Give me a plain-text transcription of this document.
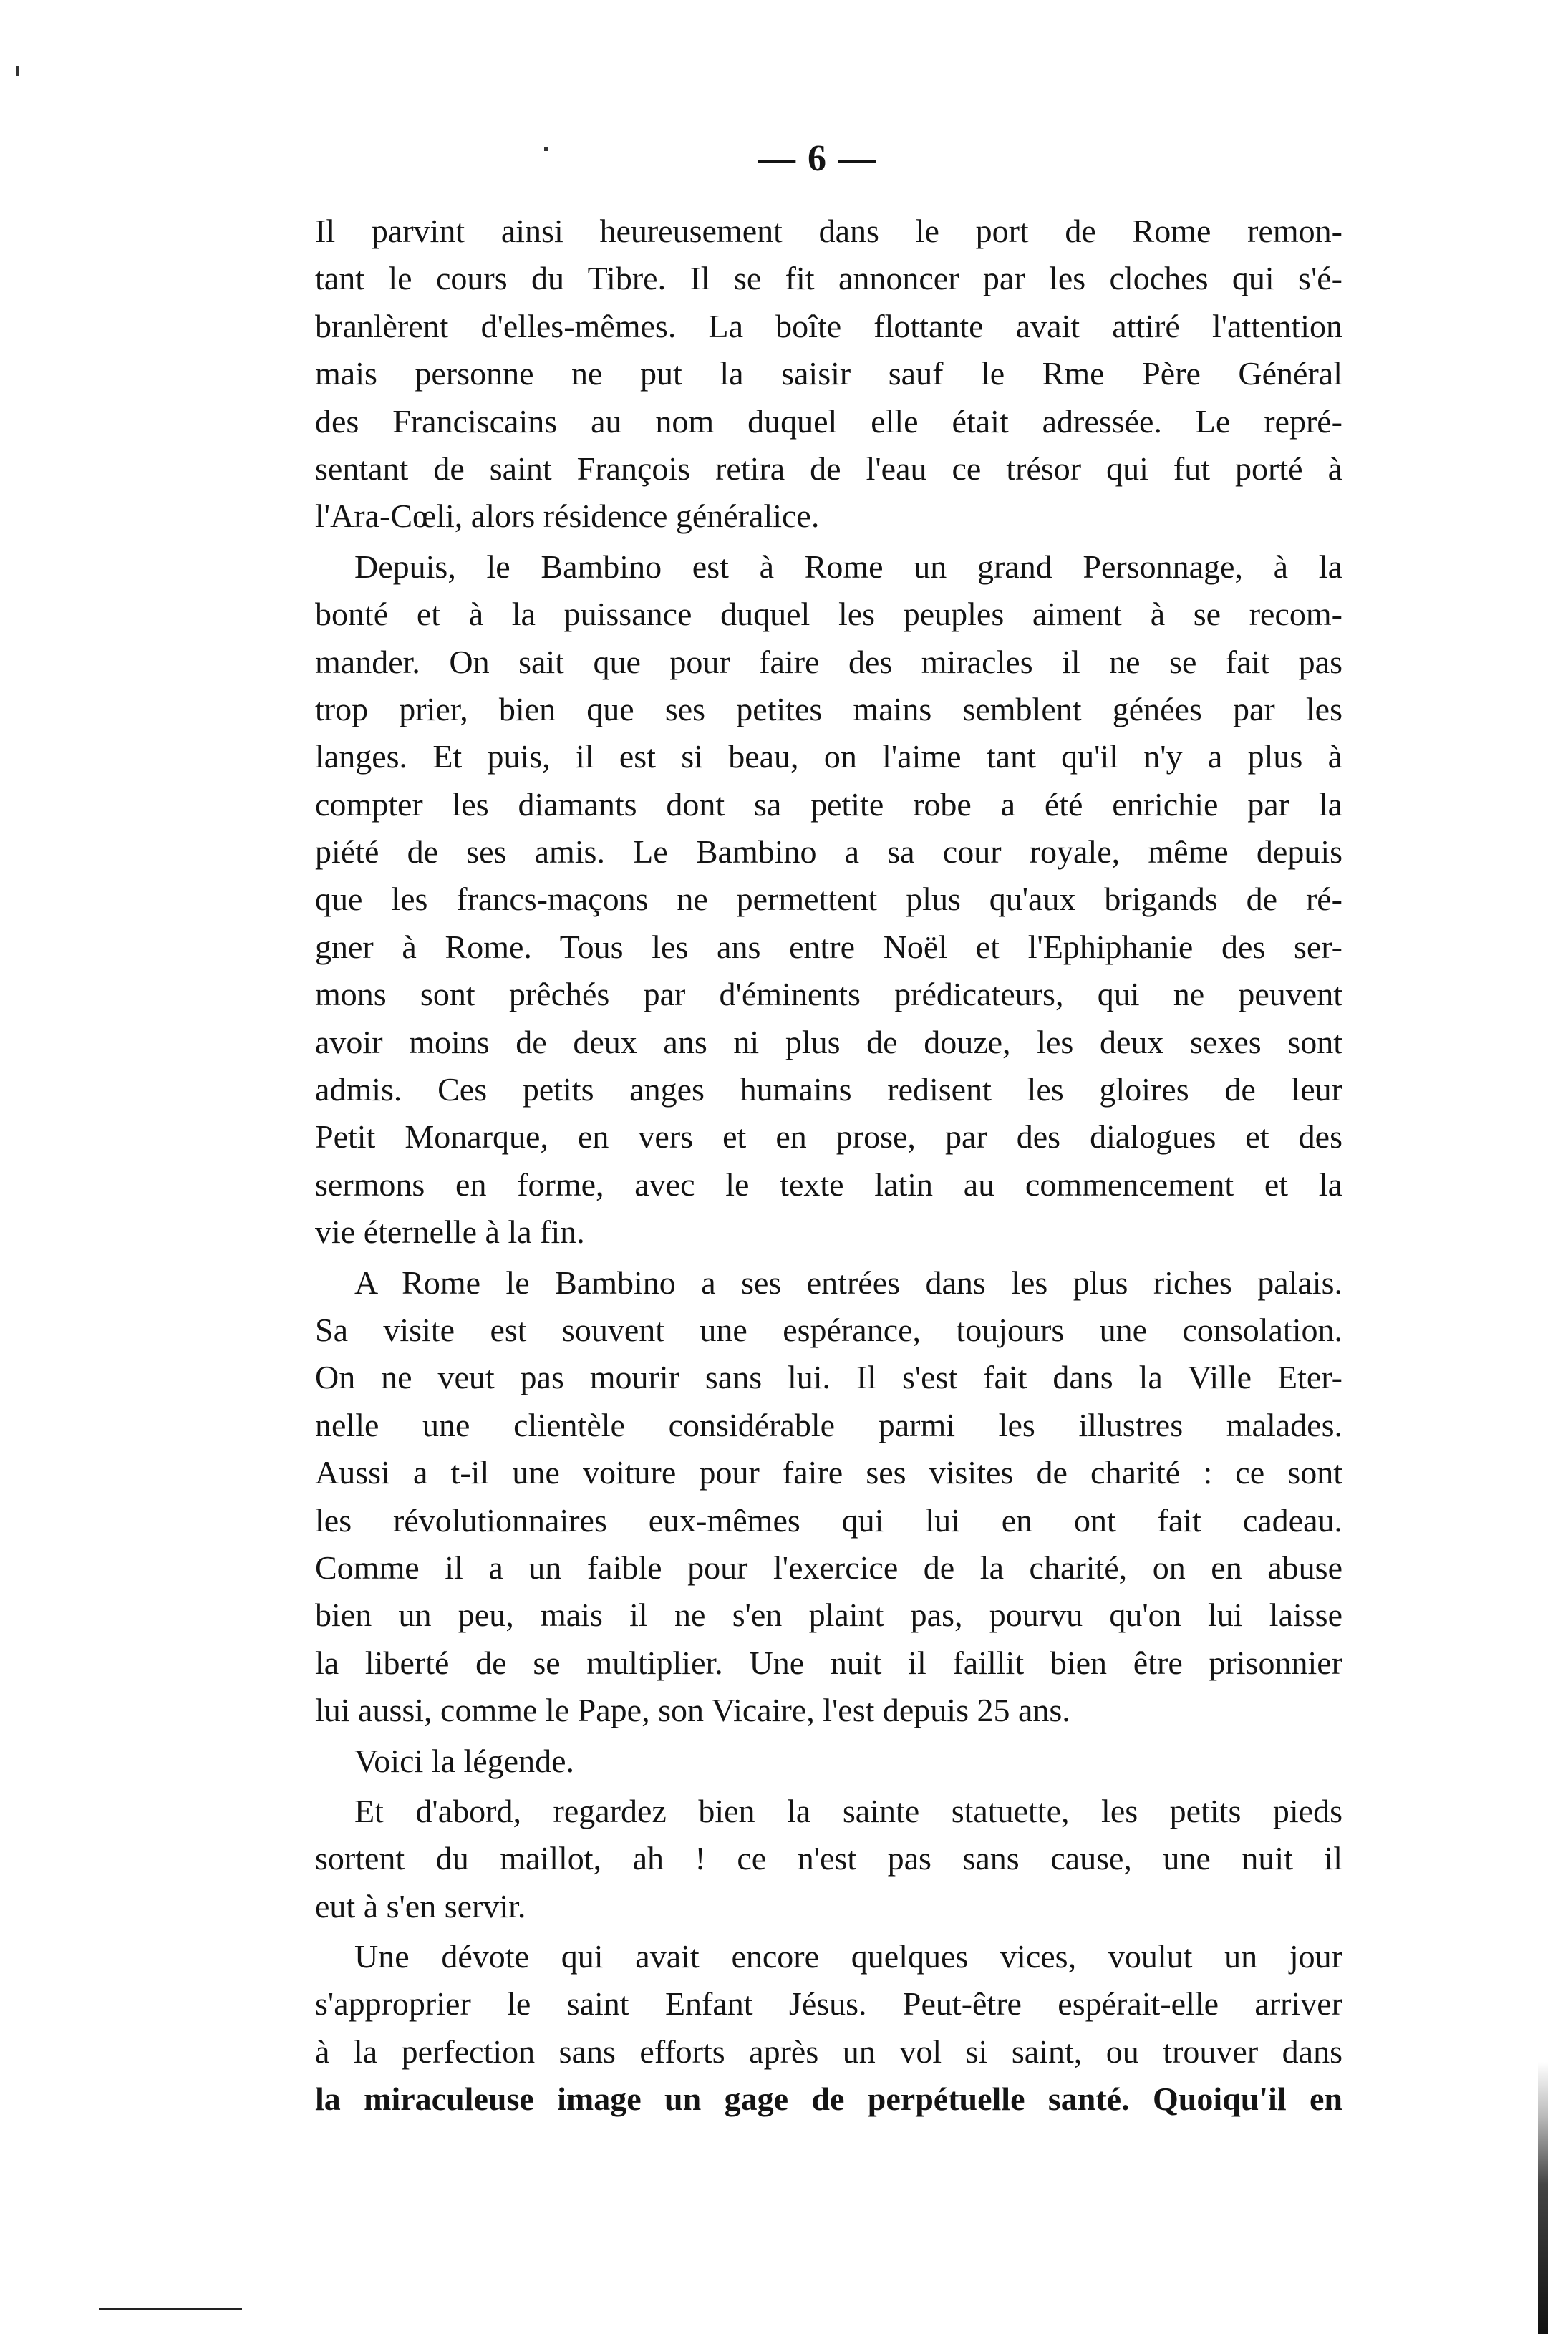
— 6 —

Il parvint ainsi heureusement dans le port de Rome remon-
tant le cours du Tibre. Il se fit annoncer par les cloches qui s'é-
branlèrent d'elles-mêmes. La boîte flottante avait attiré l'attention
mais personne ne put la saisir sauf le Rme Père Général
des Franciscains au nom duquel elle était adressée. Le repré-
sentant de saint François retira de l'eau ce trésor qui fut porté à
l'Ara-Cœli, alors résidence généralice.

Depuis, le Bambino est à Rome un grand Personnage, à la
bonté et à la puissance duquel les peuples aiment à se recom-
mander. On sait que pour faire des miracles il ne se fait pas
trop prier, bien que ses petites mains semblent génées par les
langes. Et puis, il est si beau, on l'aime tant qu'il n'y a plus à
compter les diamants dont sa petite robe a été enrichie par la
piété de ses amis. Le Bambino a sa cour royale, même depuis
que les francs-maçons ne permettent plus qu'aux brigands de ré-
gner à Rome. Tous les ans entre Noël et l'Ephiphanie des ser-
mons sont prêchés par d'éminents prédicateurs, qui ne peuvent
avoir moins de deux ans ni plus de douze, les deux sexes sont
admis. Ces petits anges humains redisent les gloires de leur
Petit Monarque, en vers et en prose, par des dialogues et des
sermons en forme, avec le texte latin au commencement et la
vie éternelle à la fin.

A Rome le Bambino a ses entrées dans les plus riches palais.
Sa visite est souvent une espérance, toujours une consolation.
On ne veut pas mourir sans lui. Il s'est fait dans la Ville Eter-
nelle une clientèle considérable parmi les illustres malades.
Aussi a t-il une voiture pour faire ses visites de charité : ce sont
les révolutionnaires eux-mêmes qui lui en ont fait cadeau.
Comme il a un faible pour l'exercice de la charité, on en abuse
bien un peu, mais il ne s'en plaint pas, pourvu qu'on lui laisse
la liberté de se multiplier. Une nuit il faillit bien être prisonnier
lui aussi, comme le Pape, son Vicaire, l'est depuis 25 ans.

Voici la légende.

Et d'abord, regardez bien la sainte statuette, les petits pieds
sortent du maillot, ah ! ce n'est pas sans cause, une nuit il
eut à s'en servir.

Une dévote qui avait encore quelques vices, voulut un jour
s'approprier le saint Enfant Jésus. Peut-être espérait-elle arriver
à la perfection sans efforts après un vol si saint, ou trouver dans
la miraculeuse image un gage de perpétuelle santé. Quoiqu'il en
